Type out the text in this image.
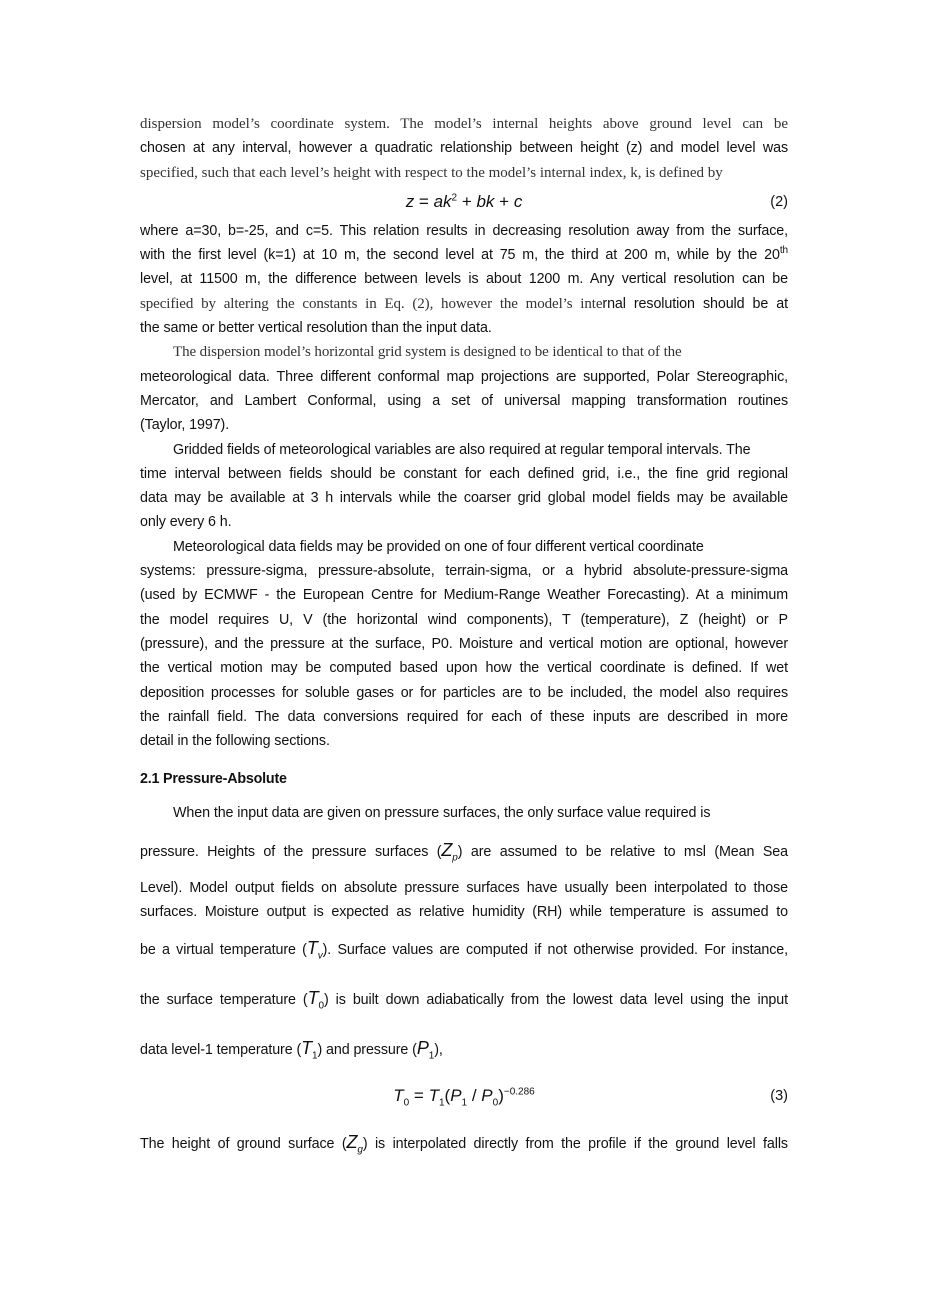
dispersion model’s coordinate system. The model’s internal heights above ground level can be
chosen at any interval, however a quadratic relationship between height (z) and model level was
specified, such that each level’s height with respect to the model’s internal index, k, is defined by

$z = ak^2$ + bk + c	(2)

where a=30, b=-25, and c=5. This relation results in decreasing resolution away from the surface,
with the first level (k=1) at 10 m, the second level at 75 m, the third at 200 m, while by the 20th
level, at 11500 m, the difference between levels is about 1200 m. Any vertical resolution can be
specified by altering the constants in Eq. (2), however the model’s internal resolution should be at
the same or better vertical resolution than the input data.

The dispersion model’s horizontal grid system is designed to be identical to that of the
meteorological data. Three different conformal map projections are supported, Polar Stereographic,
Mercator, and Lambert Conformal, using a set of universal mapping transformation routines
(Taylor, 1997).

Gridded fields of meteorological variables are also required at regular temporal intervals. The
time interval between fields should be constant for each defined grid, i.e., the fine grid regional
data may be available at 3 h intervals while the coarser grid global model fields may be available
only every 6 h.

Meteorological data fields may be provided on one of four different vertical coordinate
systems: pressure-sigma, pressure-absolute, terrain-sigma, or a hybrid absolute-pressure-sigma
(used by ECMWF - the European Centre for Medium-Range Weather Forecasting). At a minimum
the model requires U, V (the horizontal wind components), T (temperature), Z (height) or P
(pressure), and the pressure at the surface, P0. Moisture and vertical motion are optional, however
the vertical motion may be computed based upon how the vertical coordinate is defined. If wet
deposition processes for soluble gases or for particles are to be included, the model also requires
the rainfall field. The data conversions required for each of these inputs are described in more
detail in the following sections.

2.1 Pressure-Absolute

When the input data are given on pressure surfaces, the only surface value required is

pressure. Heights of the pressure surfaces $(Z_p)$ are assumed to be relative to msl (Mean Sea

Level). Model output fields on absolute pressure surfaces have usually been interpolated to those
surfaces. Moisture output is expected as relative humidity (RH) while temperature is assumed to

be a virtual temperature $(T_v)$. Surface values are computed if not otherwise provided. For instance,
the surface temperature $(T_0)$ is built down adiabatically from the lowest data level using the input
data level-1 temperature $(T_1)$ and pressure $(P_1)$,

$T_0 = T_1(P_1 / P_0)^{-0.286}$	(3)

The height of ground surface $(Z_g)$ is interpolated directly from the profile if the ground level falls
